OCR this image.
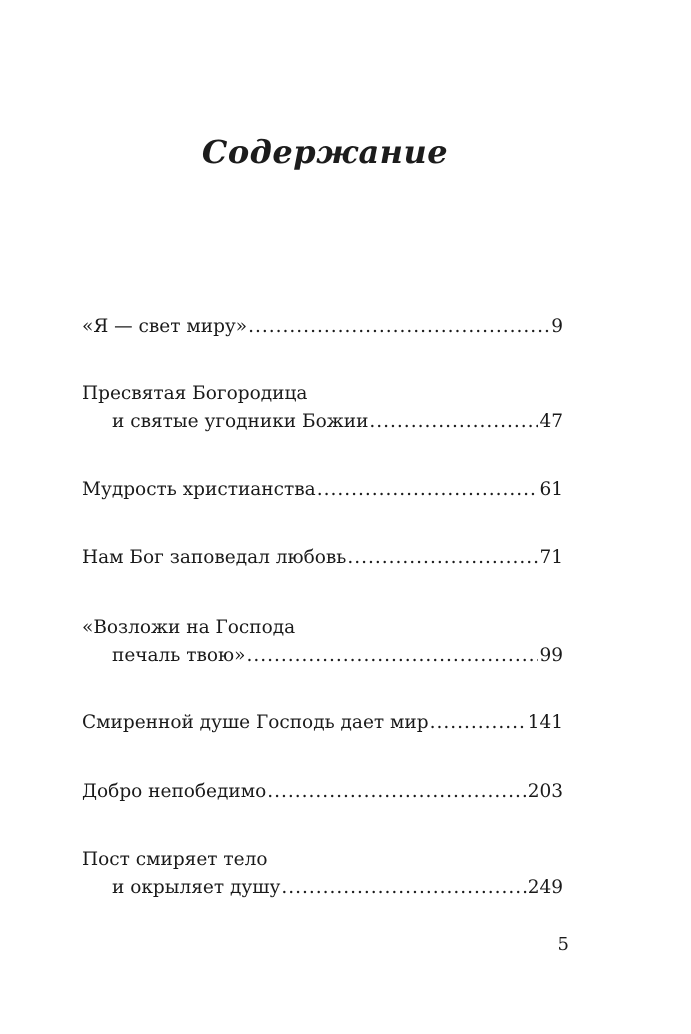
Содержание
«Я — свет миру» .....	9
Пресвятая Богородица
и святые угодники Божии .....	47
Мудрость христианства .....	61
Нам Бог заповедал любовь .....	71
«Возложи на Господа
печаль твою» .....	99
Смиренной душе Господь дает мир .....	141
Добро непобедимо .....	203
Пост смиряет тело
и окрыляет душу .....	249
5
